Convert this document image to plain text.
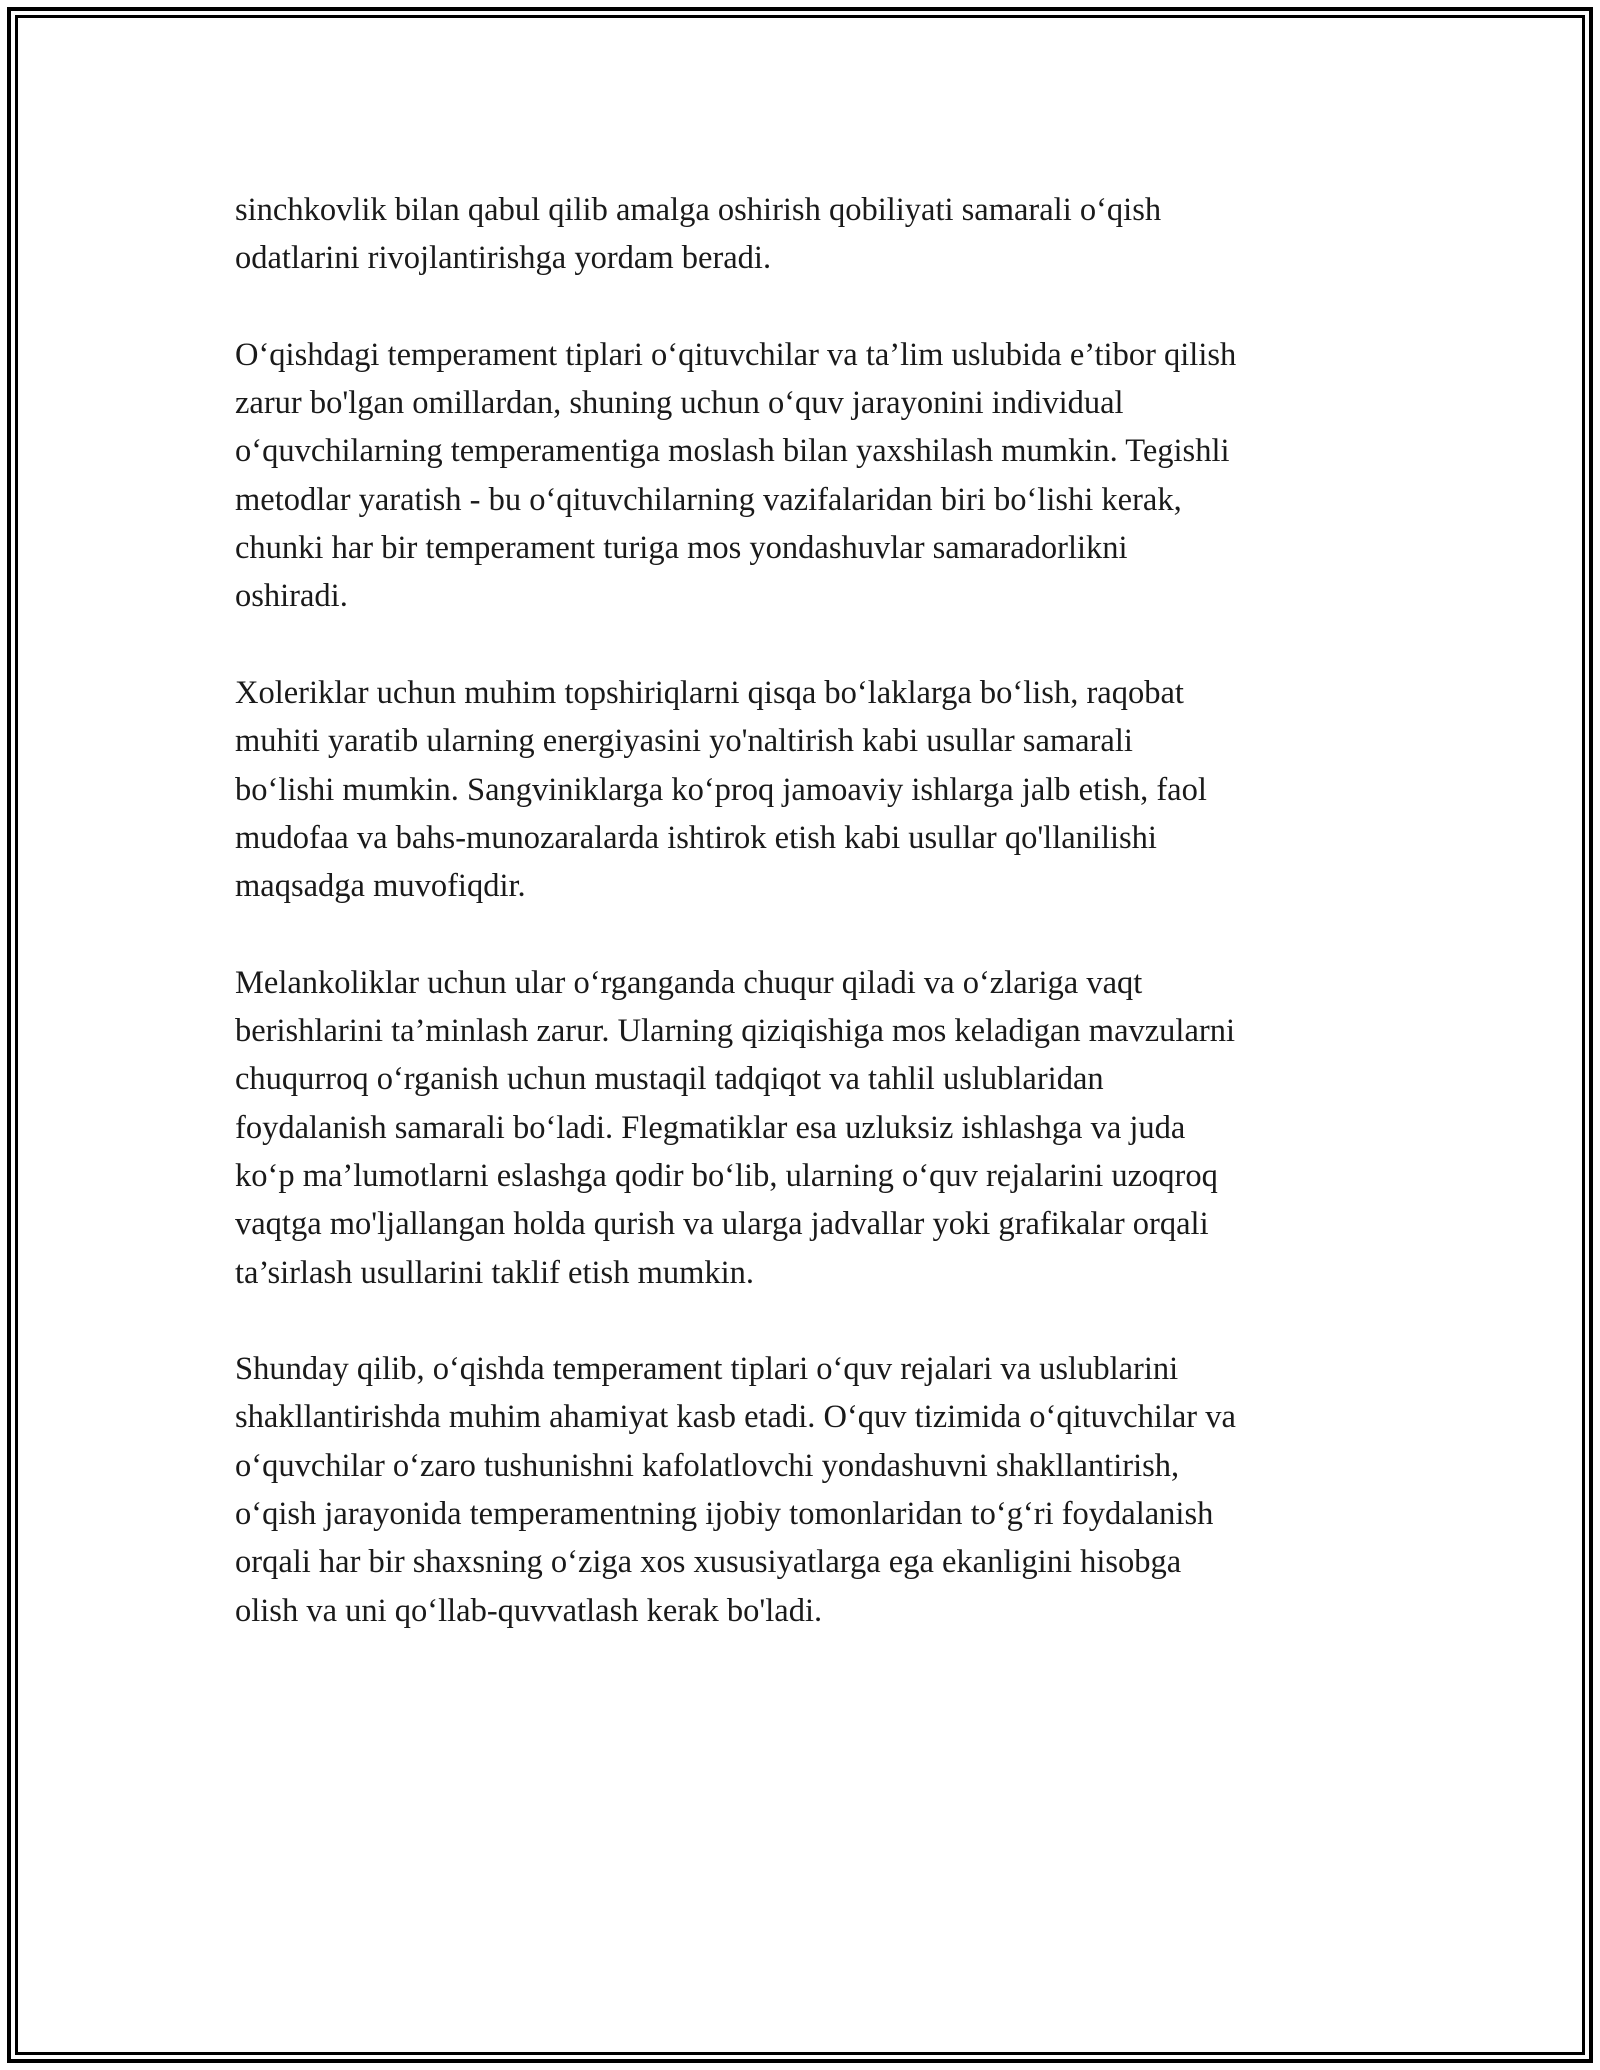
sinchkovlik bilan qabul qilib amalga oshirish qobiliyati samarali o‘qish
odatlarini rivojlantirishga yordam beradi.

O‘qishdagi temperament tiplari o‘qituvchilar va ta’lim uslubida e’tibor qilish
zarur bo'lgan omillardan, shuning uchun o‘quv jarayonini individual
o‘quvchilarning temperamentiga moslash bilan yaxshilash mumkin. Tegishli
metodlar yaratish - bu o‘qituvchilarning vazifalaridan biri bo‘lishi kerak,
chunki har bir temperament turiga mos yondashuvlar samaradorlikni
oshiradi.

Xoleriklar uchun muhim topshiriqlarni qisqa bo‘laklarga bo‘lish, raqobat
muhiti yaratib ularning energiyasini yo'naltirish kabi usullar samarali
bo‘lishi mumkin. Sangviniklarga ko‘proq jamoaviy ishlarga jalb etish, faol
mudofaa va bahs-munozaralarda ishtirok etish kabi usullar qo'llanilishi
maqsadga muvofiqdir.

Melankoliklar uchun ular o‘rganganda chuqur qiladi va o‘zlariga vaqt
berishlarini ta’minlash zarur. Ularning qiziqishiga mos keladigan mavzularni
chuqurroq o‘rganish uchun mustaqil tadqiqot va tahlil uslublaridan
foydalanish samarali bo‘ladi. Flegmatiklar esa uzluksiz ishlashga va juda
ko‘p ma’lumotlarni eslashga qodir bo‘lib, ularning o‘quv rejalarini uzoqroq
vaqtga mo'ljallangan holda qurish va ularga jadvallar yoki grafikalar orqali
ta’sirlash usullarini taklif etish mumkin.

Shunday qilib, o‘qishda temperament tiplari o‘quv rejalari va uslublarini
shakllantirishda muhim ahamiyat kasb etadi. O‘quv tizimida o‘qituvchilar va
o‘quvchilar o‘zaro tushunishni kafolatlovchi yondashuvni shakllantirish,
o‘qish jarayonida temperamentning ijobiy tomonlaridan to‘g‘ri foydalanish
orqali har bir shaxsning o‘ziga xos xususiyatlarga ega ekanligini hisobga
olish va uni qo‘llab-quvvatlash kerak bo'ladi.
